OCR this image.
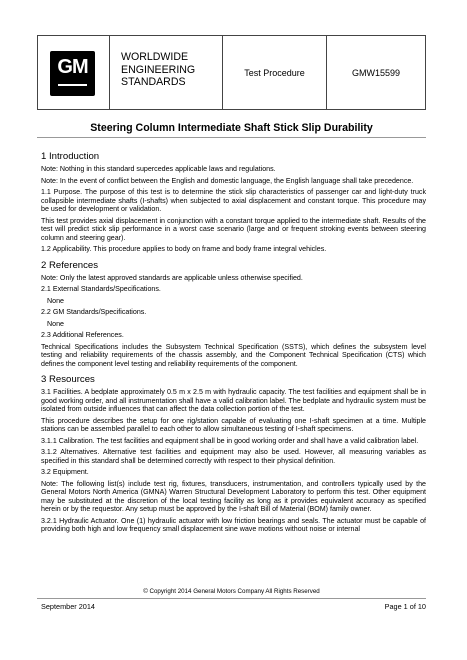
GM	WORLDWIDE
ENGINEERING
STANDARDS
Test Procedure	GMW15599
Steering Column Intermediate Shaft Stick Slip Durability
1 Introduction

Note: Nothing in this standard supercedes applicable laws and regulations.

Note: In the event of conflict between the English and domestic language, the English language shall take precedence.

1.1 Purpose. The purpose of this test is to determine the stick slip characteristics of passenger car and light-duty truck collapsible intermediate shafts (I-shafts) when subjected to axial displacement and constant torque. This procedure may be used for development or validation.

This test provides axial displacement in conjunction with a constant torque applied to the intermediate shaft. Results of the test will predict stick slip performance in a worst case scenario (large and or frequent stroking events between steering column and steering gear).

1.2 Applicability. This procedure applies to body on frame and body frame integral vehicles.

2 References

Note: Only the latest approved standards are applicable unless otherwise specified.

2.1 External Standards/Specifications.

None

2.2 GM Standards/Specifications.

None

2.3 Additional References.

Technical Specifications includes the Subsystem Technical Specification (SSTS), which defines the subsystem level testing and reliability requirements of the chassis assembly, and the Component Technical Specification (CTS) which defines the component level testing and reliability requirements of the component.

3 Resources

3.1 Facilities. A bedplate approximately 0.5 m x 2.5 m with hydraulic capacity. The test facilities and equipment shall be in good working order, and all instrumentation shall have a valid calibration label. The bedplate and hydraulic system must be isolated from outside influences that can affect the data collection portion of the test.

This procedure describes the setup for one rig/station capable of evaluating one I-shaft specimen at a time. Multiple stations can be assembled parallel to each other to allow simultaneous testing of I-shaft specimens.

3.1.1 Calibration. The test facilities and equipment shall be in good working order and shall have a valid calibration label.

3.1.2 Alternatives. Alternative test facilities and equipment may also be used. However, all measuring variables as specified in this standard shall be determined correctly with respect to their physical definition.

3.2 Equipment.

Note: The following list(s) include test rig, fixtures, transducers, instrumentation, and controllers typically used by the General Motors North America (GMNA) Warren Structural Development Laboratory to perform this test. Other equipment may be substituted at the discretion of the local testing facility as long as it provides equivalent accuracy as specified herein or by the requestor. Any setup must be approved by the I-shaft Bill of Material (BOM) family owner.

3.2.1 Hydraulic Actuator. One (1) hydraulic actuator with low friction bearings and seals. The actuator must be capable of providing both high and low frequency small displacement sine wave motions without noise or internal

© Copyright 2014 General Motors Company All Rights Reserved
September 2014	Page 1 of 10
